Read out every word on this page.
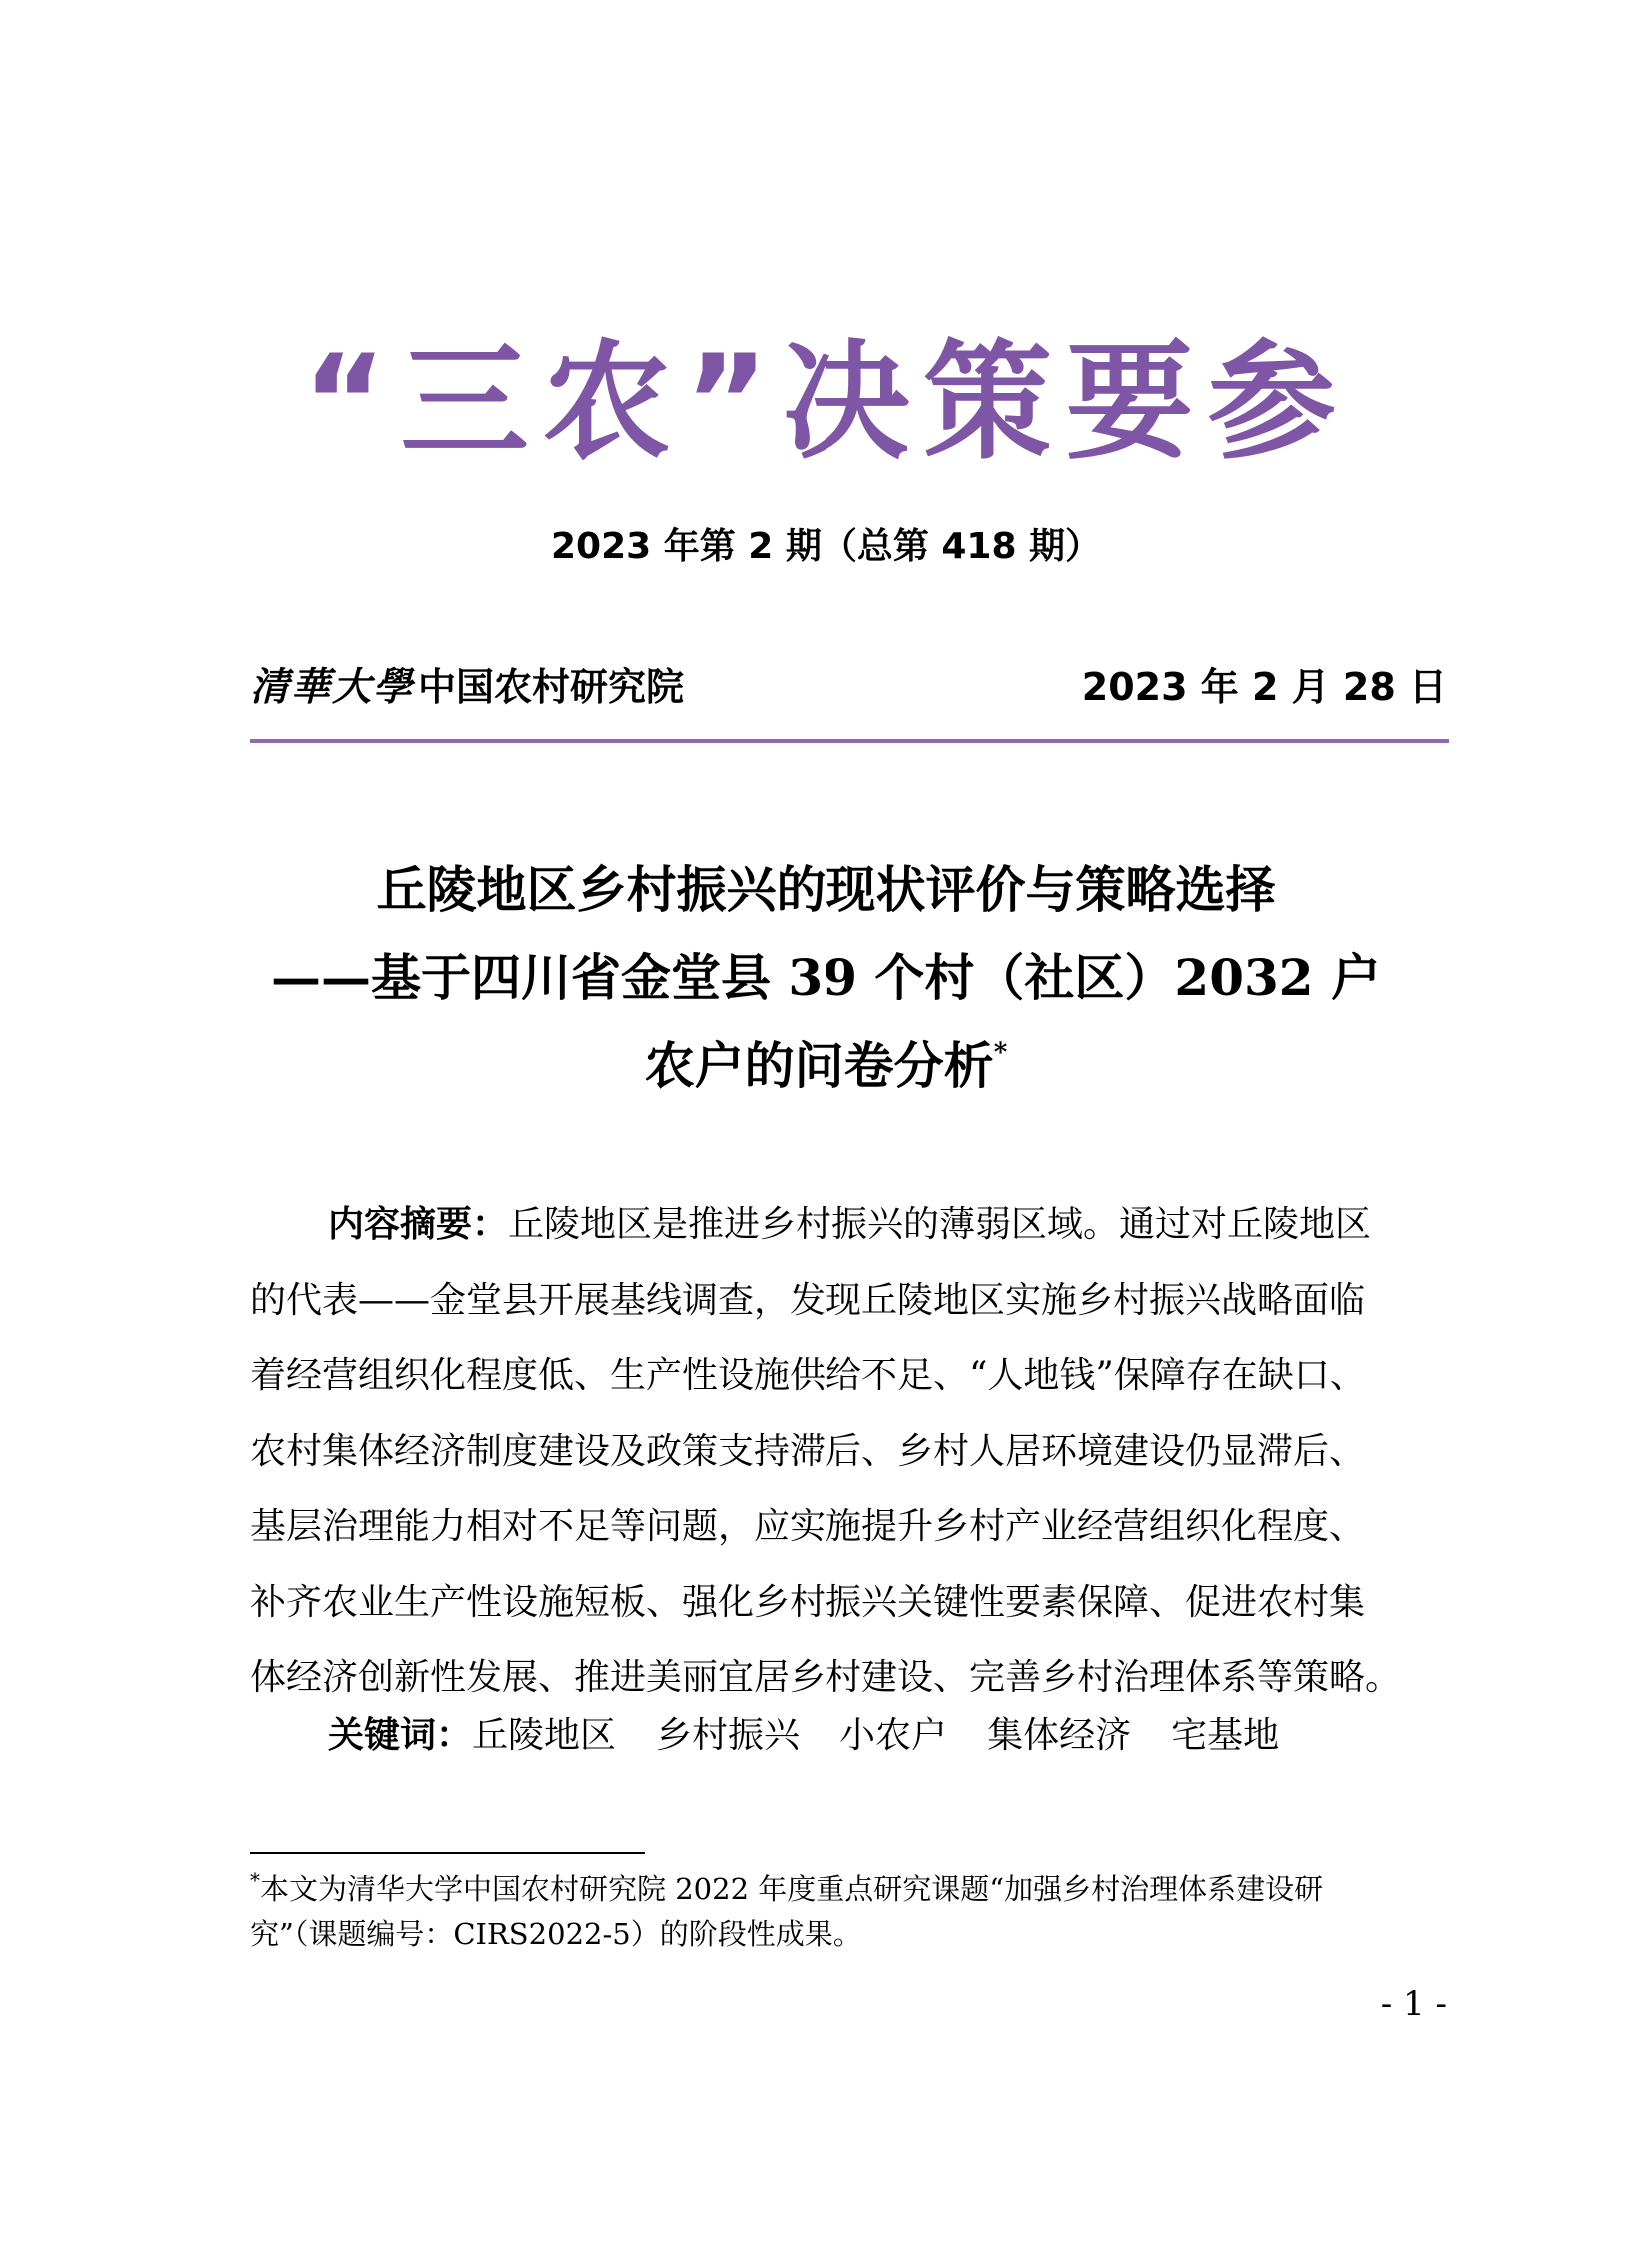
“三农”决策要参
2023 年第 2 期（总第 418 期）
清華大學 中国农村研究院	2023 年 2 月 28 日
丘陵地区乡村振兴的现状评价与策略选择
——基于四川省金堂县 39 个村（社区）2032 户
农户的问卷分析*
内容摘要：丘陵地区是推进乡村振兴的薄弱区域。通过对丘陵地区
的代表——金堂县开展基线调查，发现丘陵地区实施乡村振兴战略面临
着经营组织化程度低、生产性设施供给不足、“人地钱”保障存在缺口、
农村集体经济制度建设及政策支持滞后、乡村人居环境建设仍显滞后、
基层治理能力相对不足等问题，应实施提升乡村产业经营组织化程度、
补齐农业生产性设施短板、强化乡村振兴关键性要素保障、促进农村集
体经济创新性发展、推进美丽宜居乡村建设、完善乡村治理体系等策略。
关键词：丘陵地区 乡村振兴 小农户 集体经济 宅基地
*本文为清华大学中国农村研究院 2022 年度重点研究课题“加强乡村治理体系建设研
究”（课题编号：CIRS2022-5）的阶段性成果。
- 1 -
